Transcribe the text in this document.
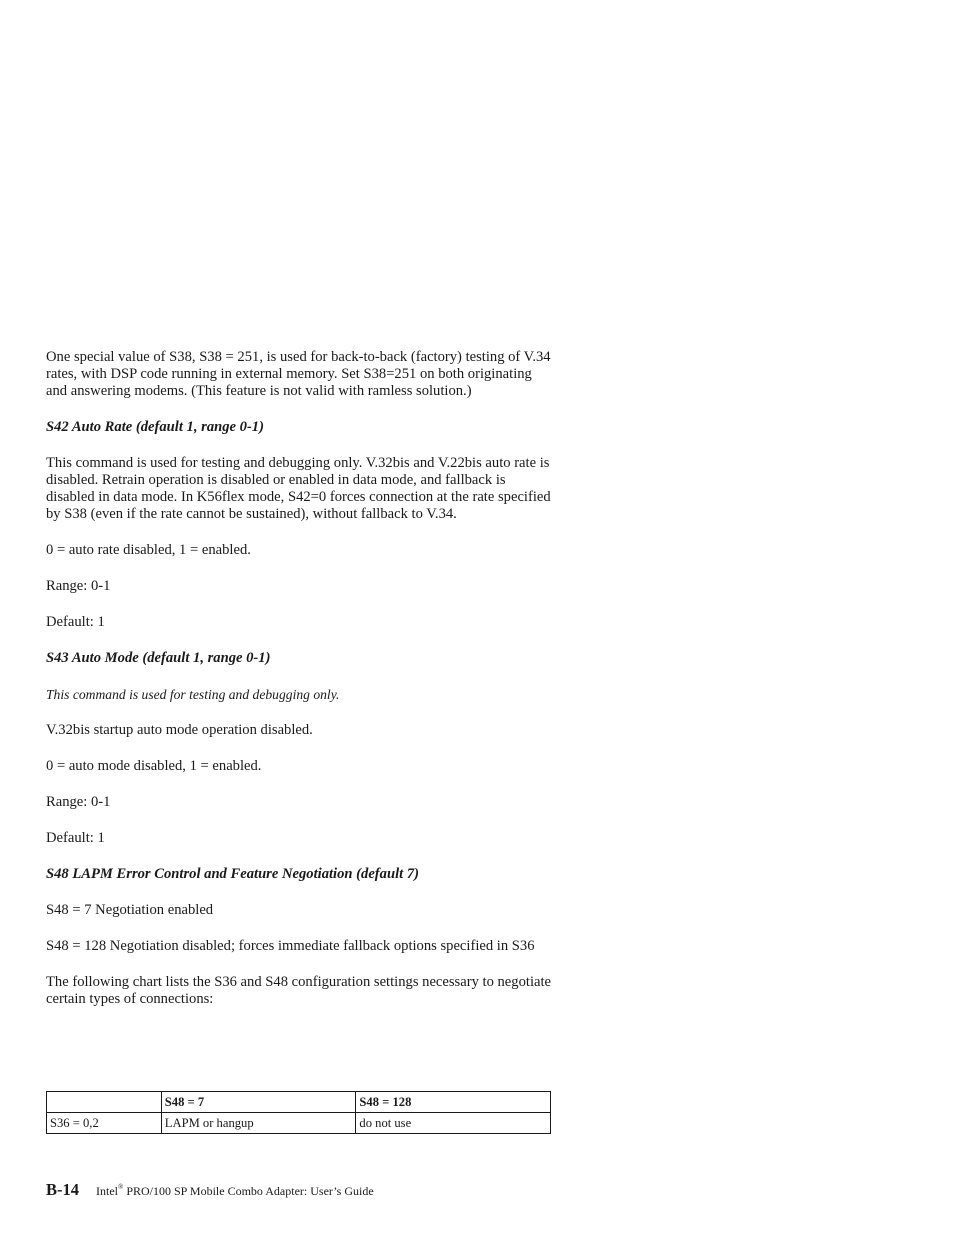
One special value of S38, S38 = 251, is used for back-to-back (factory) testing of V.34 rates, with DSP code running in external memory. Set S38=251 on both originating and answering modems. (This feature is not valid with ramless solution.)

S42 Auto Rate (default 1, range 0-1)

This command is used for testing and debugging only. V.32bis and V.22bis auto rate is disabled. Retrain operation is disabled or enabled in data mode, and fallback is disabled in data mode. In K56flex mode, S42=0 forces connection at the rate specified by S38 (even if the rate cannot be sustained), without fallback to V.34.

0 = auto rate disabled, 1 = enabled.

Range: 0-1

Default: 1

S43 Auto Mode (default 1, range 0-1)

This command is used for testing and debugging only.

V.32bis startup auto mode operation disabled.

0 = auto mode disabled, 1 = enabled.

Range: 0-1

Default: 1

S48 LAPM Error Control and Feature Negotiation (default 7)

S48 = 7 Negotiation enabled

S48 = 128 Negotiation disabled; forces immediate fallback options specified in S36

The following chart lists the S36 and S48 configuration settings necessary to negotiate certain types of connections:

	S48 = 7	S48 = 128
S36 = 0,2	LAPM or hangup	do not use
B-14 Intel® PRO/100 SP Mobile Combo Adapter: User’s Guide
